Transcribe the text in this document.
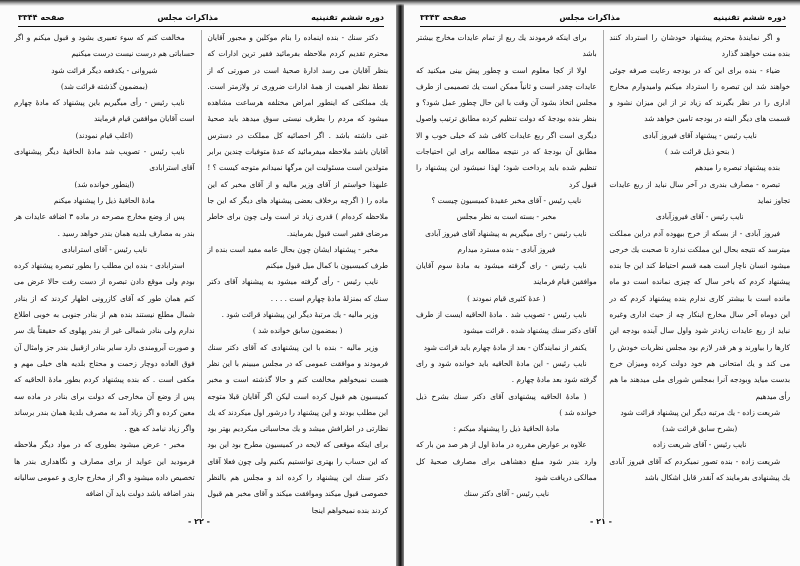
دوره ششم تقنینیه
مذاکرات مجلس
صفحه ۳۳۴۴

دکتر سنك - بنده اینماده را بنام موکلین و مجبور آقایان محترم تقدیم کردم ملاحظه بفرمائید فقیر ترین ادارات که بنظر آقایان می رسد ادارهٔ صحیهٔ است در صورتی که از نقطهٔ نظر اهمیت از همهٔ ادارات ضروری تر ولازمتر است. یك مملکتی که اینطور امراض مختلفه هرساعت مشاهده میشود که مردم را بطرف نیستی سوق میدهد باید صحیهٔ غنی داشته باشد . اگر احصائیه کل مملکت در دسترس آقایان باشد ملاحظه میفرمائید که عدهٔ متوفیات چندین برابر متولدین است مسئولیت این مرگها نمیدانم متوجه کیست ؟ ! علیهذا خواستم از آقای وزیر مالیه و از آقای مخبر که این ماده را ( اگرچه برخلاف بعضی پیشنهاد های دیگر که این جا ملاحظه کرده‌ام ) قدری زیاد تر است ولی چون برای خاطر مرضای فقیر است قبول بفرمایند.

مخبر - پیشنهاد ایشان چون بحال عامه مفید است بنده از طرف کمیسیون با کمال میل قبول میکنم

نایب رئیس - رأی گرفته میشود به پیشنهاد آقای دکتر سنك که بمنزلهٔ مادهٔ چهارم است . . . .

وزیر مالیه - یك مرتبهٔ دیگر این پیشنهاد قرائت شود .

( بمضمون سابق خوانده شد )

وزیر مالیه - بنده با این پیشنهادی که آقای دکتر سنك فرمودند و موافقت عمومی که در مجلس میبینم با این نظر هست نمیخواهم مخالفت کنم و حالا گذشته است و مخبر کمیسیون هم قبول کرده است لیکن اگر آقایان قبلا متوجه این مطلب بودند و این پیشنهاد را درشور اول میکردند که یك نظارتی در اطرافش میشد و یك محاسباتی میکردیم بهتر بود برای اینکه موقعی که لایحه در کمیسیون مطرح بود این بود که این حساب را بهتری توانستیم بکنیم ولی چون فعلا آقای دکتر سنك این پیشنهاد را کرده اند و مجلس هم بالنظر خصوصی قبول میکند وموافقت میکند و آقای مخبر هم قبول کردند بنده نمیخواهم اینجا

مخالفت کنم که سوء تعبیری بشود و قبول میکنم و اگر حساباتی هم درست نیست درست میکنیم

شیروانی - یکدفعه دیگر قرائت شود

(بمضمون گذشته قرائت شد)

نایب رئیس - رأی میگیریم باین پیشنهاد که مادهٔ چهارم است آقایان موافقین قیام فرمایند

(اغلب قیام نمودند)

نایب رئیس - تصویب شد مادهٔ الحاقیهٔ دیگر پیشنهادی آقای استرابادی

(اینطور خوانده شد)

مادهٔ الحاقیهٔ ذیل را پیشنهاد میکنم

پس از وضع مخارج مصرحه در ماده ۳ اضافه عایدات هر بندر به مصارف بلدیه همان بندر خواهد رسید .

نایب رئیس - آقای استرابادی

استرابادی - بنده این مطلب را بطور تبصره پیشنهاد کرده بودم ولی موقع دادن تبصره از دست رفت حالا عرض می کنم همان طور که آقای کازرونی اظهار کردند که از بنادر شمال مطلع نیستند بنده هم از بنادر جنوبی به خوبی اطلاع ندارم ولی بنادر شمالی غیر از بندر پهلوی که حقیقتاً یك سر و صورت آبرومندی دارد سایر بنادر ازقبیل بندر جز وامثال آن فوق العاده دوچار زحمت و محتاج بلدیه های خیلی مهم و مکفی است . که بنده پیشنهاد کردم بطور مادهٔ الحاقیه که پس از وضع آن مخارجی که دولت برای بنادر در ماده سه معین کرده و اگر زیاد آمد به مصرف بلدیهٔ همان بندر برساند واگر زیاد نیامد که هیچ .

مخبر - عرض میشود بطوری که در مواد دیگر ملاحظه فرمودید این عواید از برای مصارف و نگاهداری بندر ها تخصیص داده میشود و اگر از مخارج جاری و عمومی سالیانه بندر اضافه باشد دولت باید آن اضافه

- ۲۲ -
دوره ششم تقنینیه
مذاکرات مجلس
صفحه ۳۳۴۳

و اگر نمایندهٔ محترم پیشنهاد خودشان را استرداد کنند بنده منت خواهند گذارد

ضیاء - بنده برای این که در بودجه رعایت صرفه جوئی خواهند شد این تبصره را استرداد میکنم وامیدوارم مخارج اداری را در نظر بگیرند که زیاد تر از این میزان نشود و قسمت های دیگر البته در بودجه تامین خواهد شد

نایب رئیس - پیشنهاد آقای فیروز آبادی

( بنحو ذیل قرائت شد )

بنده پیشنهاد تبصره را میدهم

تبصره - مصارف بندری در آخر سال نباید از ربع عایدات تجاوز نماید

نایب رئیس - آقای فیروزآبادی

فیروز آبادی - از بسکه از خرج بیهوده آدم دراین مملکت میترسد که نتیجه بحال این مملکت ندارد تا صحبت یك خرجی میشود انسان ناچار است همه قسم احتیاط کند این جا بنده پیشنهاد کردم که باخر سال که چیزی نمانده است دو ماه مانده است با بیشتر کاری ندارم بنده پیشنهاد کردم که در این دوماه آخر سال مخارج اینکار چه از حیث اداری وغیره نباید از ربع عایدات زیادتر شود واول سال آینده بودجه این کارها را بیاورند و هر قدر لازم بود مجلس نظریات خودش را می کند و یك امتحانی هم خود دولت کرده ومیزان خرج بدست میاید وبودجه آنرا بمجلس شورای ملی میدهند ما هم رأی میدهیم

شریعت زاده - یك مرتبه دیگر این پیشنهاد قرائت شود

(بشرح سابق قرائت شد)

نایب رئیس - آقای شریعت زاده

شریعت زاده - بنده تصور نمیکردم که آقای فیروز آبادی یك پیشنهادی بفرمایند که آنقدر قابل اشکال باشد

برای اینکه فرمودند یك ربع از تمام عایدات مخارج بیشتر باشد

اولا از کجا معلوم است و چطور پیش بینی میکنید که عایدات چقدر است و ثانیاً ممکن است یك تصمیمی از طرف مجلس اتخاذ بشود آن وقت با این حال چطور عمل شود؟ و بنظر بنده بودجهٔ که دولت تنظیم کرده مطابق ترتیب واصول دیگری است اگر ربع عایدات کافی شد که خیلی خوب و الا مطابق آن بودجهٔ که در نتیجه مطالعه برای این احتیاجات تنظیم شده باید پرداخت شود؛ لهذا نمیشود این پیشنهاد را قبول کرد

نایب رئیس - آقای مخبر عقیدهٔ کمیسیون چیست ؟

مخبر - بسته است به نظر مجلس

نایب رئیس - رای میگیریم به پیشنهاد آقای فیروز آبادی

فیروز آبادی - بنده مسترد میدارم

نایب رئیس - رای گرفته میشود به مادهٔ سوم آقایان موافقین قیام فرمایند

( عدهٔ کثیری قیام نمودند )

نایب رئیس - تصویب شد . مادهٔ الحاقیه ایست از طرف آقای دکتر سنك پیشنهاد شده . قرائت میشود

یکنفر از نمایندگان - بعد از مادهٔ چهارم باید قرائت شود

نایب رئیس - این مادهٔ الحاقیه باید خوانده شود و رای گرفته شود بعد مادهٔ چهارم .

( مادهٔ الحاقیه پیشنهادی آقای دکتر سنك بشرح ذیل خوانده شد )

مادهٔ الحاقیهٔ ذیل را پیشنهاد میکنم :

علاوه بر عوارض مقرره در مادهٔ اول از هر صد من بار که وارد بندر شود مبلغ دهشاهی برای مصارف صحیهٔ کل ممالکی دریافت شود

نایب رئیس - آقای دکتر سنك

- ۲۱ -
